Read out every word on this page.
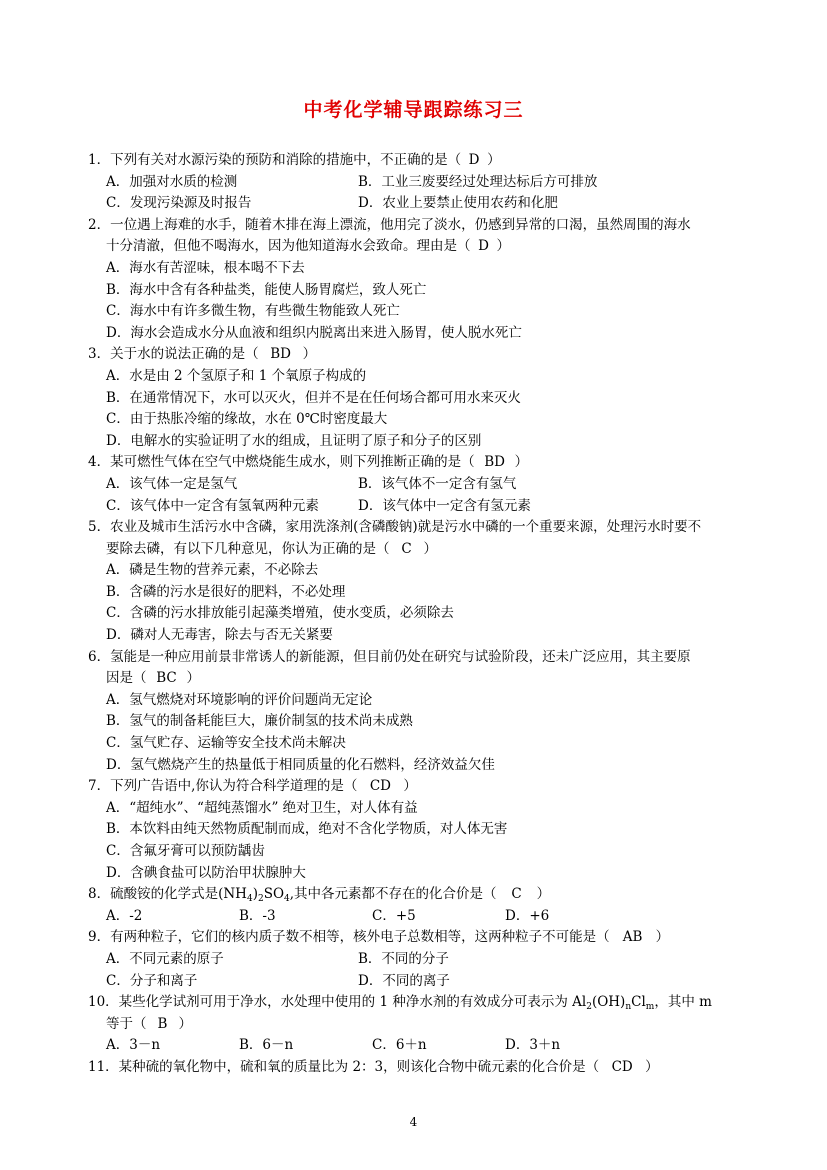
中考化学辅导跟踪练习三
1．下列有关对水源污染的预防和消除的措施中，不正确的是（ D ）
A．加强对水质的检测	B．工业三废要经过处理达标后方可排放
C．发现污染源及时报告	D．农业上要禁止使用农药和化肥
2．一位遇上海难的水手，随着木排在海上漂流，他用完了淡水，仍感到异常的口渴，虽然周围的海水
十分清澈，但他不喝海水，因为他知道海水会致命。理由是（ D ）
A．海水有苦涩味，根本喝不下去
B．海水中含有各种盐类，能使人肠胃腐烂，致人死亡
C．海水中有许多微生物，有些微生物能致人死亡
D．海水会造成水分从血液和组织内脱离出来进入肠胃，使人脱水死亡
3．关于水的说法正确的是（ BD ）
A．水是由 2 个氢原子和 1 个氧原子构成的
B．在通常情况下，水可以灭火，但并不是在任何场合都可用水来灭火
C．由于热胀冷缩的缘故，水在 0℃时密度最大
D．电解水的实验证明了水的组成，且证明了原子和分子的区别
4．某可燃性气体在空气中燃烧能生成水，则下列推断正确的是（ BD ）
A．该气体一定是氢气	B．该气体不一定含有氢气
C．该气体中一定含有氢氧两种元素	D．该气体中一定含有氢元素
5．农业及城市生活污水中含磷，家用洗涤剂(含磷酸钠)就是污水中磷的一个重要来源，处理污水时要不
要除去磷，有以下几种意见，你认为正确的是（ C ）
A．磷是生物的营养元素，不必除去
B．含磷的污水是很好的肥料，不必处理
C．含磷的污水排放能引起藻类增殖，使水变质，必须除去
D．磷对人无毒害，除去与否无关紧要
6．氢能是一种应用前景非常诱人的新能源，但目前仍处在研究与试验阶段，还未广泛应用，其主要原
因是（ BC ）
A．氢气燃烧对环境影响的评价问题尚无定论
B．氢气的制备耗能巨大，廉价制氢的技术尚未成熟
C．氢气贮存、运输等安全技术尚未解决
D．氢气燃烧产生的热量低于相同质量的化石燃料，经济效益欠佳
7．下列广告语中,你认为符合科学道理的是（ CD ）
A．“超纯水”、“超纯蒸馏水” 绝对卫生，对人体有益
B．本饮料由纯天然物质配制而成，绝对不含化学物质，对人体无害
C．含氟牙膏可以预防龋齿
D．含碘食盐可以防治甲状腺肿大
8．硫酸铵的化学式是$(NH_4)_2SO_4$,其中各元素都不存在的化合价是（ C ）
A．-2	B．-3	C．+5	D．+6
9．有两种粒子，它们的核内质子数不相等，核外电子总数相等，这两种粒子不可能是（ AB ）
A．不同元素的原子	B．不同的分子
C．分子和离子	D．不同的离子
10．某些化学试剂可用于净水，水处理中使用的 1 种净水剂的有效成分可表示为 $Al_2(OH)_nCl_m$，其中 m
等于（ B ）
A．3－n	B．6－n	C．6＋n	D．3＋n
11．某种硫的氧化物中，硫和氧的质量比为 2：3，则该化合物中硫元素的化合价是（ CD ）
4
